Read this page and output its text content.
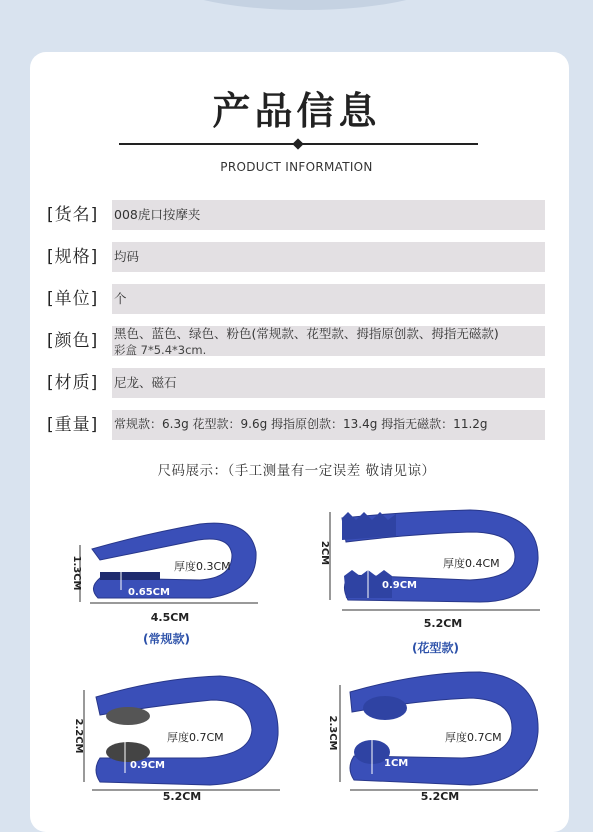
产品信息
PRODUCT INFORMATION
[货名] 008虎口按摩夹
[规格] 均码
[单位] 个
[颜色] 黑色、蓝色、绿色、粉色(常规款、花型款、拇指原创款、拇指无磁款)
彩盒 7*5.4*3cm.
[材质] 尼龙、磁石
[重量] 常规款：6.3g 花型款：9.6g 拇指原创款：13.4g 拇指无磁款：11.2g
尺码展示：（手工测量有一定误差 敬请见谅）
1.3CM	厚度0.3CM
0.65CM
4.5CM
2CM	厚度0.4CM
0.9CM
5.2CM
2.2CM	厚度0.7CM
0.9CM
5.2CM
2.3CM	厚度0.7CM
1CM
5.2CM
(常规款)
(花型款)
